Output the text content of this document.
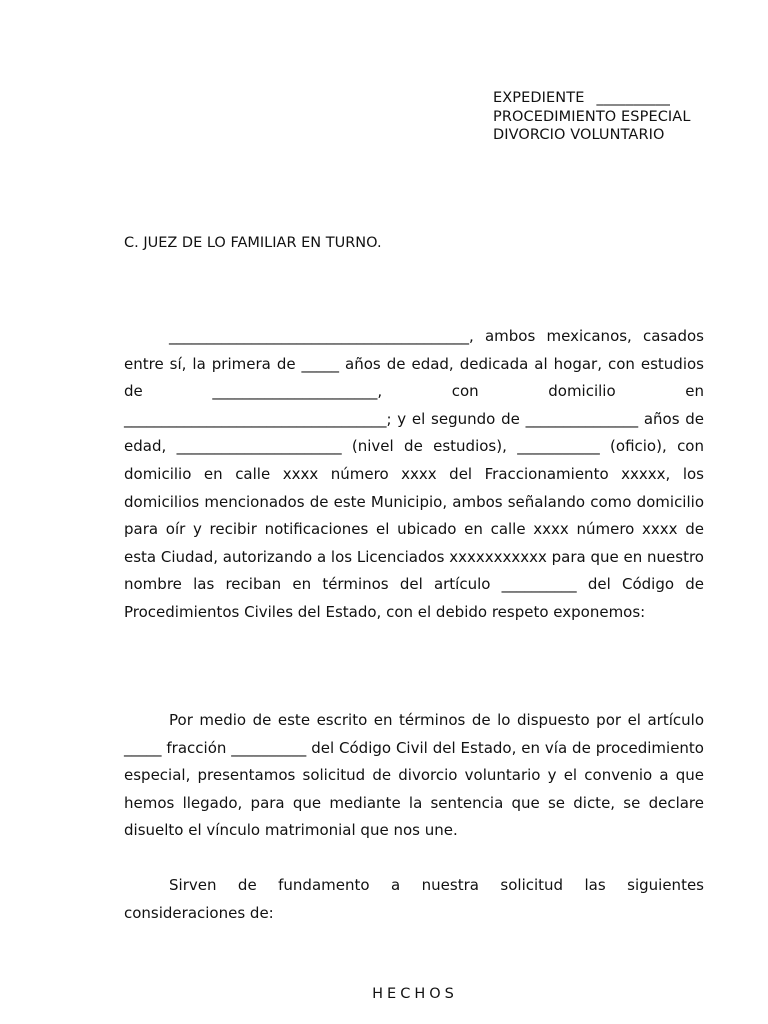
EXPEDIENTE __________
PROCEDIMIENTO ESPECIAL
DIVORCIO VOLUNTARIO
C. JUEZ DE LO FAMILIAR EN TURNO.

________________________________________, ambos mexicanos, casados entre sí, la primera de _____ años de edad, dedicada al hogar, con estudios de ______________________, con domicilio en ___________________________________; y el segundo de _______________ años de edad, ______________________ (nivel de estudios), ___________ (oficio), con domicilio en calle xxxx número xxxx del Fraccionamiento xxxxx, los domicilios mencionados de este Municipio, ambos señalando como domicilio para oír y recibir notificaciones el ubicado en calle xxxx número xxxx de esta Ciudad, autorizando a los Licenciados xxxxxxxxxxx para que en nuestro nombre las reciban en términos del artículo __________ del Código de Procedimientos Civiles del Estado, con el debido respeto exponemos:

Por medio de este escrito en términos de lo dispuesto por el artículo _____ fracción __________ del Código Civil del Estado, en vía de procedimiento especial, presentamos solicitud de divorcio voluntario y el convenio a que hemos llegado, para que mediante la sentencia que se dicte, se declare disuelto el vínculo matrimonial que nos une.

Sirven de fundamento a nuestra solicitud las siguientes consideraciones de:

HECHOS
